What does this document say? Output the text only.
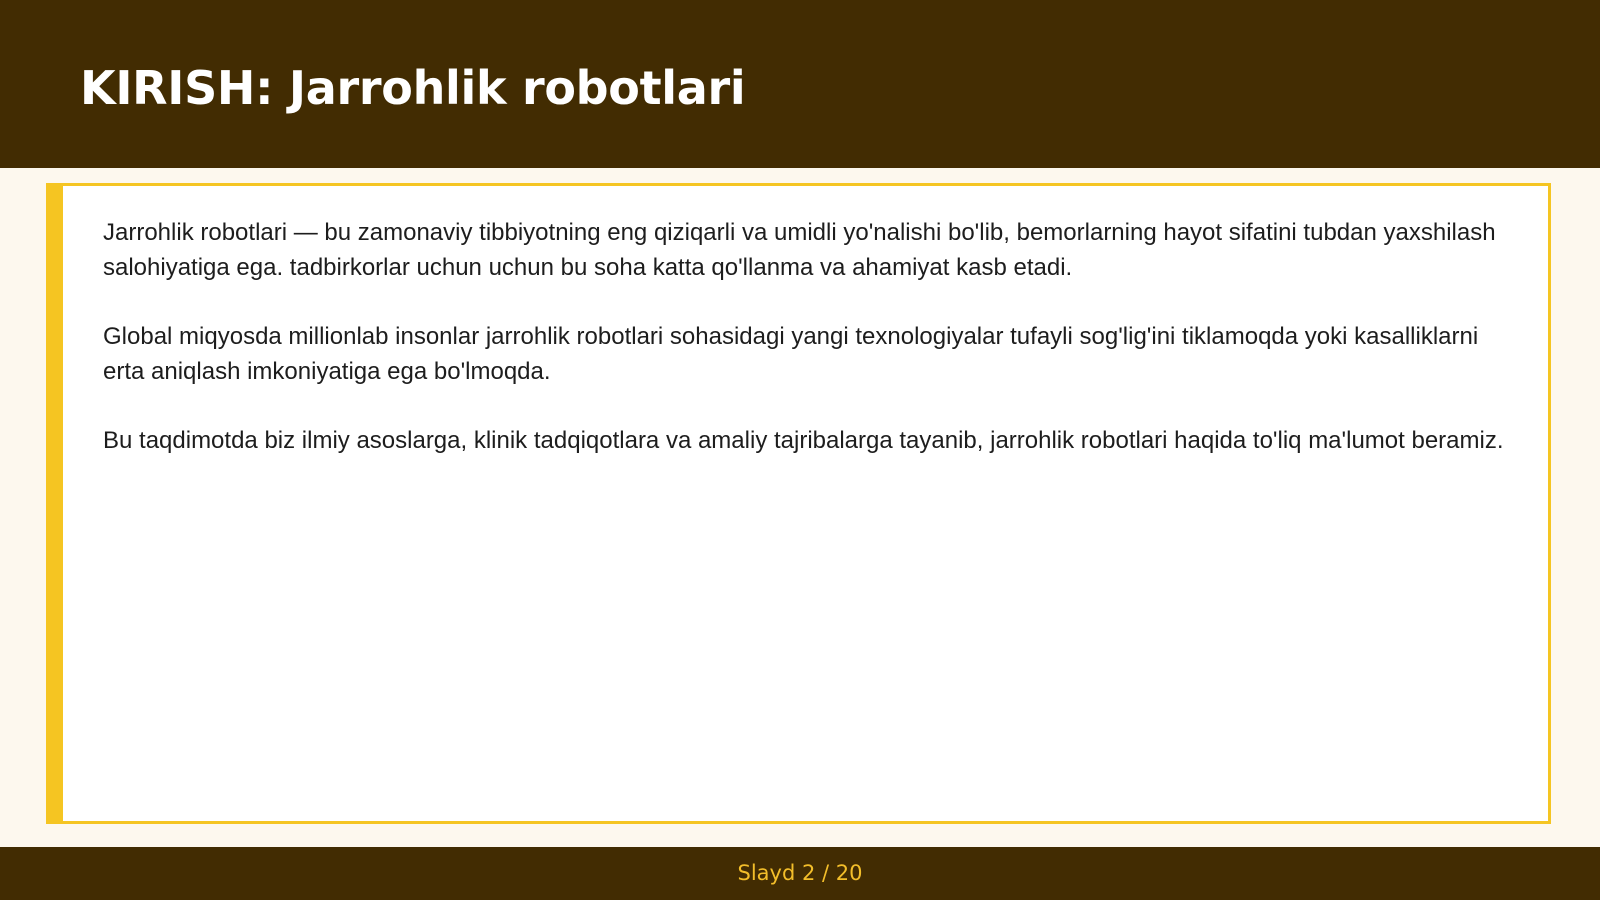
KIRISH: Jarrohlik robotlari

Jarrohlik robotlari — bu zamonaviy tibbiyotning eng qiziqarli va umidli yo'nalishi bo'lib, bemorlarning hayot sifatini tubdan yaxshilash salohiyatiga ega. tadbirkorlar uchun uchun bu soha katta qo'llanma va ahamiyat kasb etadi.

Global miqyosda millionlab insonlar jarrohlik robotlari sohasidagi yangi texnologiyalar tufayli sog'lig'ini tiklamoqda yoki kasalliklarni erta aniqlash imkoniyatiga ega bo'lmoqda.

Bu taqdimotda biz ilmiy asoslarga, klinik tadqiqotlara va amaliy tajribalarga tayanib, jarrohlik robotlari haqida to'liq ma'lumot beramiz.

Slayd 2 / 20
